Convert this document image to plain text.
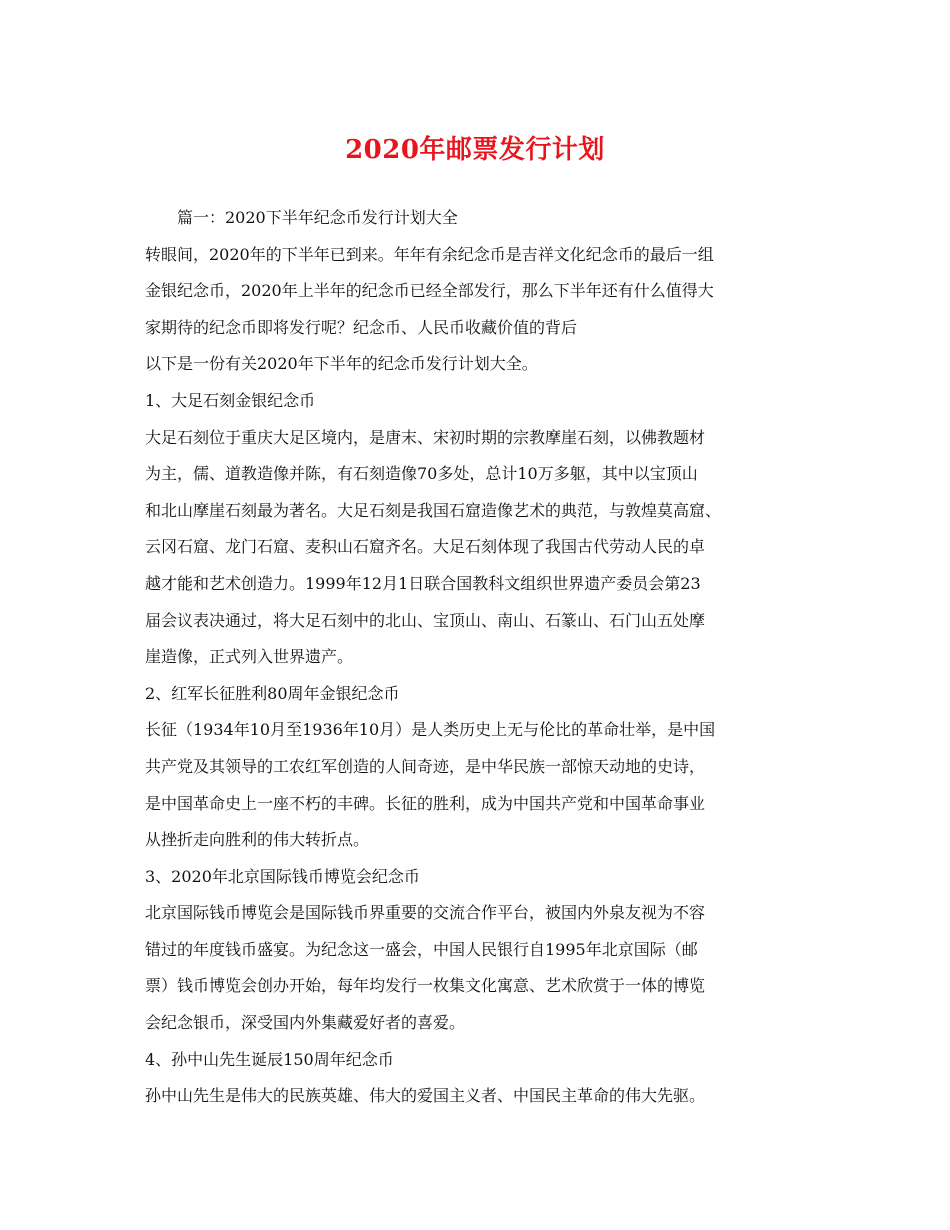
2020年邮票发行计划
篇一：2020下半年纪念币发行计划大全
转眼间，2020年的下半年已到来。年年有余纪念币是吉祥文化纪念币的最后一组
金银纪念币，2020年上半年的纪念币已经全部发行，那么下半年还有什么值得大
家期待的纪念币即将发行呢？纪念币、人民币收藏价值的背后
以下是一份有关2020年下半年的纪念币发行计划大全。
1、大足石刻金银纪念币
大足石刻位于重庆大足区境内，是唐末、宋初时期的宗教摩崖石刻，以佛教题材
为主，儒、道教造像并陈，有石刻造像70多处，总计10万多躯，其中以宝顶山
和北山摩崖石刻最为著名。大足石刻是我国石窟造像艺术的典范，与敦煌莫高窟、
云冈石窟、龙门石窟、麦积山石窟齐名。大足石刻体现了我国古代劳动人民的卓
越才能和艺术创造力。1999年12月1日联合国教科文组织世界遗产委员会第23
届会议表决通过，将大足石刻中的北山、宝顶山、南山、石篆山、石门山五处摩
崖造像，正式列入世界遗产。
2、红军长征胜利80周年金银纪念币
长征（1934年10月至1936年10月）是人类历史上无与伦比的革命壮举，是中国
共产党及其领导的工农红军创造的人间奇迹，是中华民族一部惊天动地的史诗，
是中国革命史上一座不朽的丰碑。长征的胜利，成为中国共产党和中国革命事业
从挫折走向胜利的伟大转折点。
3、2020年北京国际钱币博览会纪念币
北京国际钱币博览会是国际钱币界重要的交流合作平台，被国内外泉友视为不容
错过的年度钱币盛宴。为纪念这一盛会，中国人民银行自1995年北京国际（邮
票）钱币博览会创办开始，每年均发行一枚集文化寓意、艺术欣赏于一体的博览
会纪念银币，深受国内外集藏爱好者的喜爱。
4、孙中山先生诞辰150周年纪念币
孙中山先生是伟大的民族英雄、伟大的爱国主义者、中国民主革命的伟大先驱。
